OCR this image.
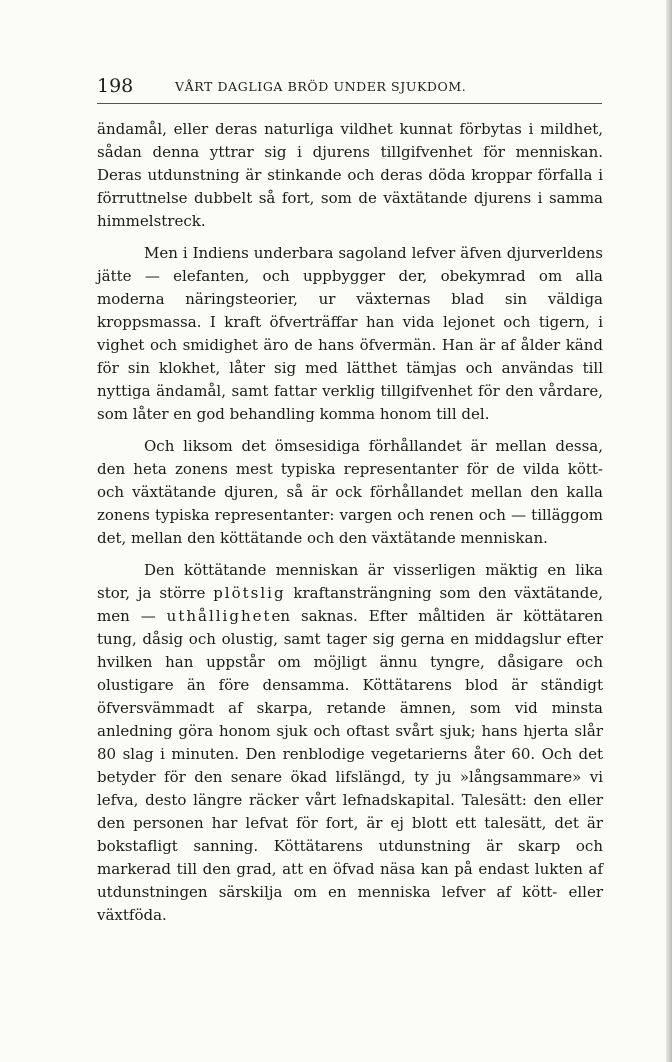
198	VÅRT DAGLIGA BRÖD UNDER SJUKDOM.

ändamål, eller deras naturliga vildhet kunnat förbytas i mildhet, sådan denna yttrar sig i djurens tillgifvenhet för menniskan. Deras utdunstning är stinkande och deras döda kroppar förfalla i förruttnelse dubbelt så fort, som de växtätande djurens i samma himmelstreck.

Men i Indiens underbara sagoland lefver äfven djurverldens jätte — elefanten, och uppbygger der, obekymrad om alla moderna näringsteorier, ur växternas blad sin väldiga kroppsmassa. I kraft öfverträffar han vida lejonet och tigern, i vighet och smidighet äro de hans öfvermän. Han är af ålder känd för sin klokhet, låter sig med lätthet tämjas och användas till nyttiga ändamål, samt fattar verklig tillgifvenhet för den vårdare, som låter en god behandling komma honom till del.

Och liksom det ömsesidiga förhållandet är mellan dessa, den heta zonens mest typiska representanter för de vilda kött- och växtätande djuren, så är ock förhållandet mellan den kalla zonens typiska representanter: vargen och renen och — tilläggom det, mellan den köttätande och den växtätande menniskan.

Den köttätande menniskan är visserligen mäktig en lika stor, ja större plötslig kraftansträngning som den växtätande, men — uthålligheten saknas. Efter måltiden är köttätaren tung, dåsig och olustig, samt tager sig gerna en middagslur efter hvilken han uppstår om möjligt ännu tyngre, dåsigare och olustigare än före densamma. Köttätarens blod är ständigt öfversvämmadt af skarpa, retande ämnen, som vid minsta anledning göra honom sjuk och oftast svårt sjuk; hans hjerta slår 80 slag i minuten. Den renblodige vegetarierns åter 60. Och det betyder för den senare ökad lifslängd, ty ju »långsammare» vi lefva, desto längre räcker vårt lefnadskapital. Talesätt: den eller den personen har lefvat för fort, är ej blott ett talesätt, det är bokstafligt sanning. Köttätarens utdunstning är skarp och markerad till den grad, att en öfvad näsa kan på endast lukten af utdunstningen särskilja om en menniska lefver af kött- eller växtföda.
